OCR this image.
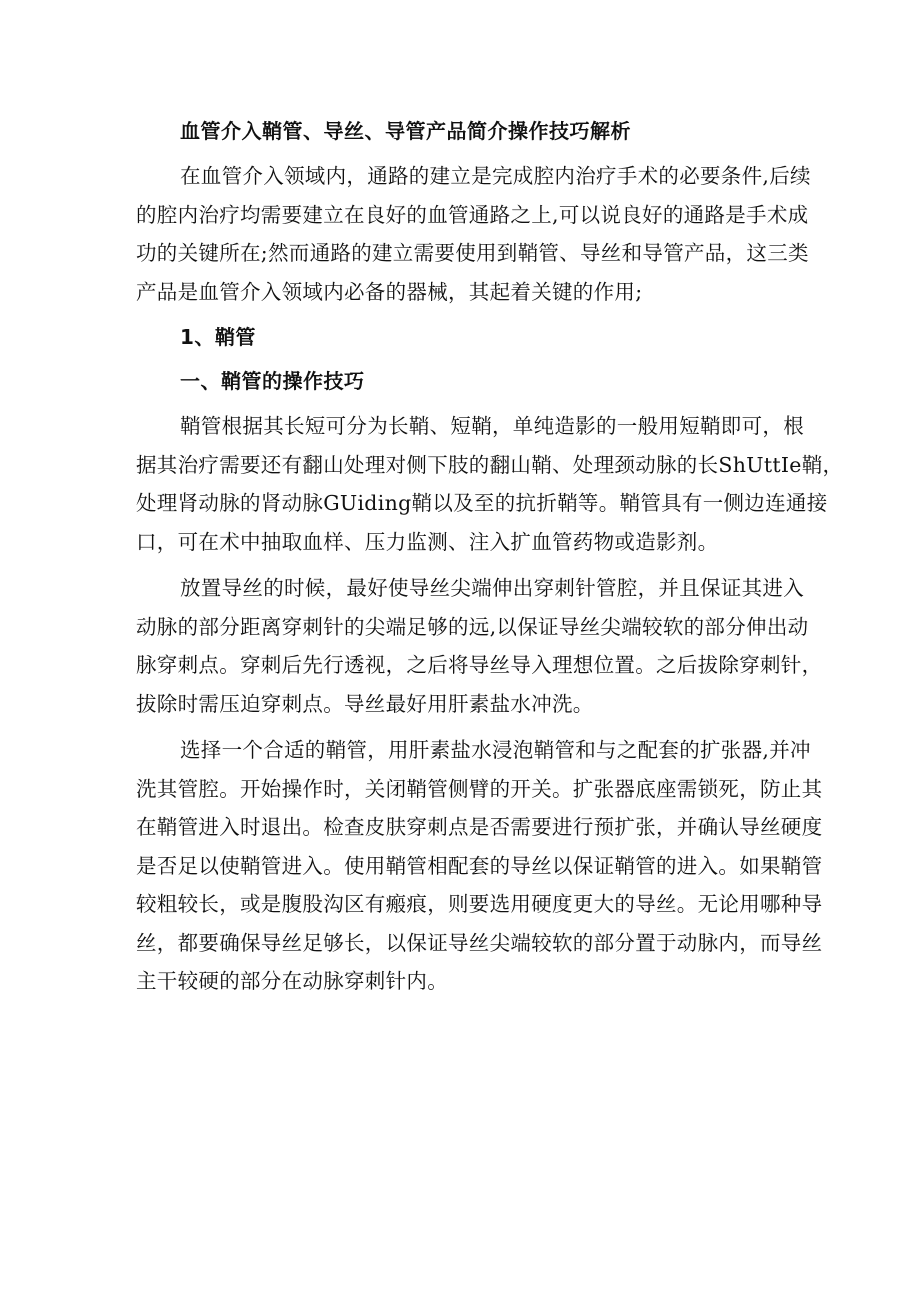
血管介入鞘管、导丝、导管产品简介操作技巧解析
在血管介入领域内，通路的建立是完成腔内治疗手术的必要条件,后续
的腔内治疗均需要建立在良好的血管通路之上,可以说良好的通路是手术成
功的关键所在;然而通路的建立需要使用到鞘管、导丝和导管产品，这三类
产品是血管介入领域内必备的器械，其起着关键的作用;
1、鞘管
一、鞘管的操作技巧
鞘管根据其长短可分为长鞘、短鞘，单纯造影的一般用短鞘即可，根
据其治疗需要还有翻山处理对侧下肢的翻山鞘、处理颈动脉的长ShUttIe鞘，
处理肾动脉的肾动脉GUiding鞘以及至的抗折鞘等。鞘管具有一侧边连通接
口，可在术中抽取血样、压力监测、注入扩血管药物或造影剂。
放置导丝的时候，最好使导丝尖端伸出穿刺针管腔，并且保证其进入
动脉的部分距离穿刺针的尖端足够的远,以保证导丝尖端较软的部分伸出动
脉穿刺点。穿刺后先行透视，之后将导丝导入理想位置。之后拔除穿刺针，
拔除时需压迫穿刺点。导丝最好用肝素盐水冲洗。
选择一个合适的鞘管，用肝素盐水浸泡鞘管和与之配套的扩张器,并冲
洗其管腔。开始操作时，关闭鞘管侧臂的开关。扩张器底座需锁死，防止其
在鞘管进入时退出。检查皮肤穿刺点是否需要进行预扩张，并确认导丝硬度
是否足以使鞘管进入。使用鞘管相配套的导丝以保证鞘管的进入。如果鞘管
较粗较长，或是腹股沟区有瘢痕，则要选用硬度更大的导丝。无论用哪种导
丝，都要确保导丝足够长，以保证导丝尖端较软的部分置于动脉内，而导丝
主干较硬的部分在动脉穿刺针内。
